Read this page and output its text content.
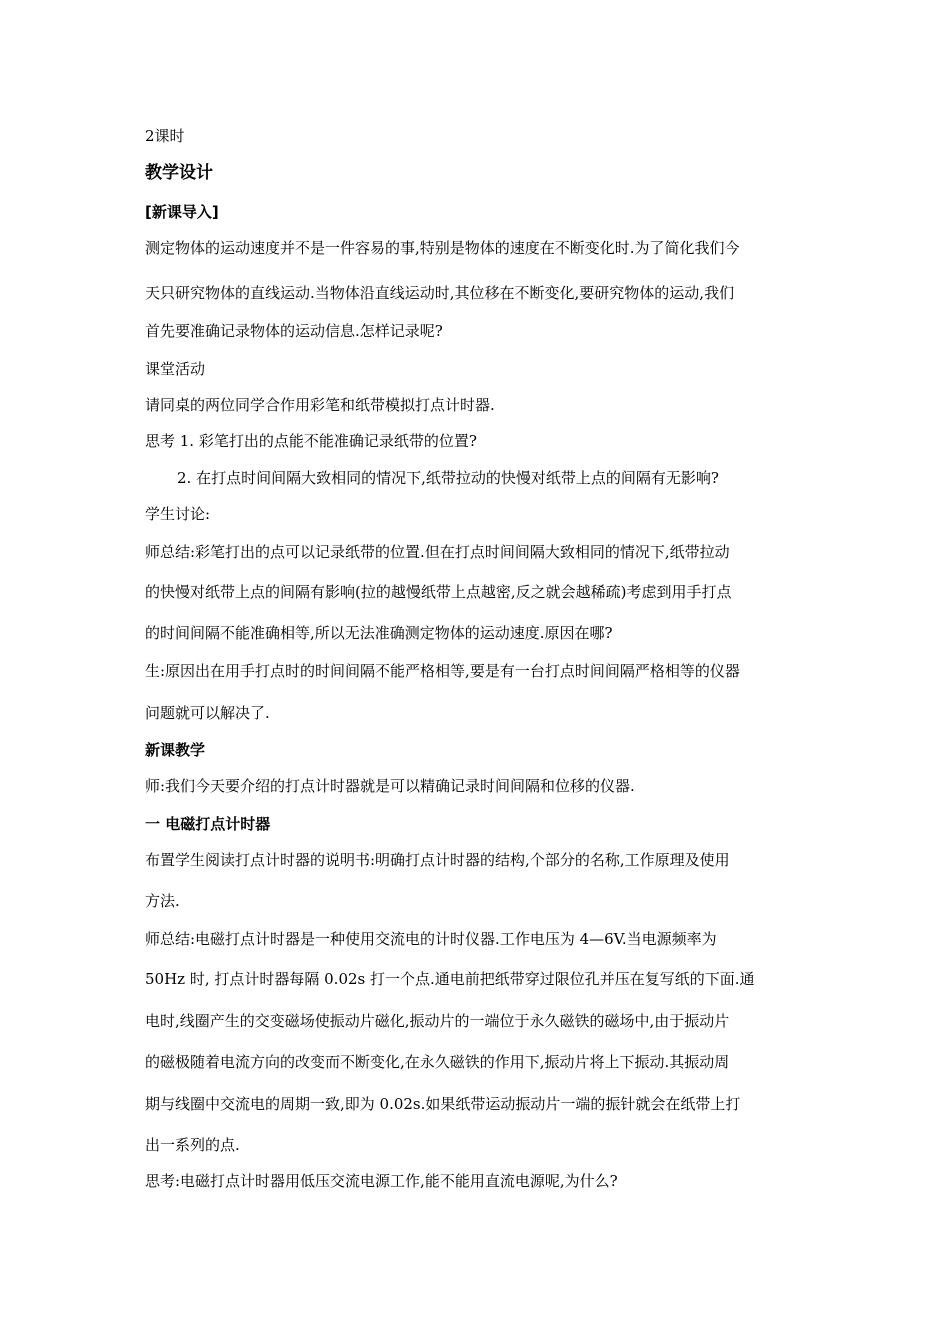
2课时

教学设计

[新课导入]

测定物体的运动速度并不是一件容易的事,特别是物体的速度在不断变化时.为了简化我们今

天只研究物体的直线运动.当物体沿直线运动时,其位移在不断变化,要研究物体的运动,我们

首先要准确记录物体的运动信息.怎样记录呢?

课堂活动

请同桌的两位同学合作用彩笔和纸带模拟打点计时器.

思考 1. 彩笔打出的点能不能准确记录纸带的位置?

2. 在打点时间间隔大致相同的情况下,纸带拉动的快慢对纸带上点的间隔有无影响?

学生讨论:

师总结:彩笔打出的点可以记录纸带的位置.但在打点时间间隔大致相同的情况下,纸带拉动

的快慢对纸带上点的间隔有影响(拉的越慢纸带上点越密,反之就会越稀疏)考虑到用手打点

的时间间隔不能准确相等,所以无法准确测定物体的运动速度.原因在哪?

生:原因出在用手打点时的时间间隔不能严格相等,要是有一台打点时间间隔严格相等的仪器

问题就可以解决了.

新课教学

师:我们今天要介绍的打点计时器就是可以精确记录时间间隔和位移的仪器.

一 电磁打点计时器

布置学生阅读打点计时器的说明书:明确打点计时器的结构,个部分的名称,工作原理及使用

方法.

师总结:电磁打点计时器是一种使用交流电的计时仪器.工作电压为 4—6V.当电源频率为

50Hz 时, 打点计时器每隔 0.02s 打一个点.通电前把纸带穿过限位孔并压在复写纸的下面.通

电时,线圈产生的交变磁场使振动片磁化,振动片的一端位于永久磁铁的磁场中,由于振动片

的磁极随着电流方向的改变而不断变化,在永久磁铁的作用下,振动片将上下振动.其振动周

期与线圈中交流电的周期一致,即为 0.02s.如果纸带运动振动片一端的振针就会在纸带上打

出一系列的点.

思考:电磁打点计时器用低压交流电源工作,能不能用直流电源呢,为什么?
